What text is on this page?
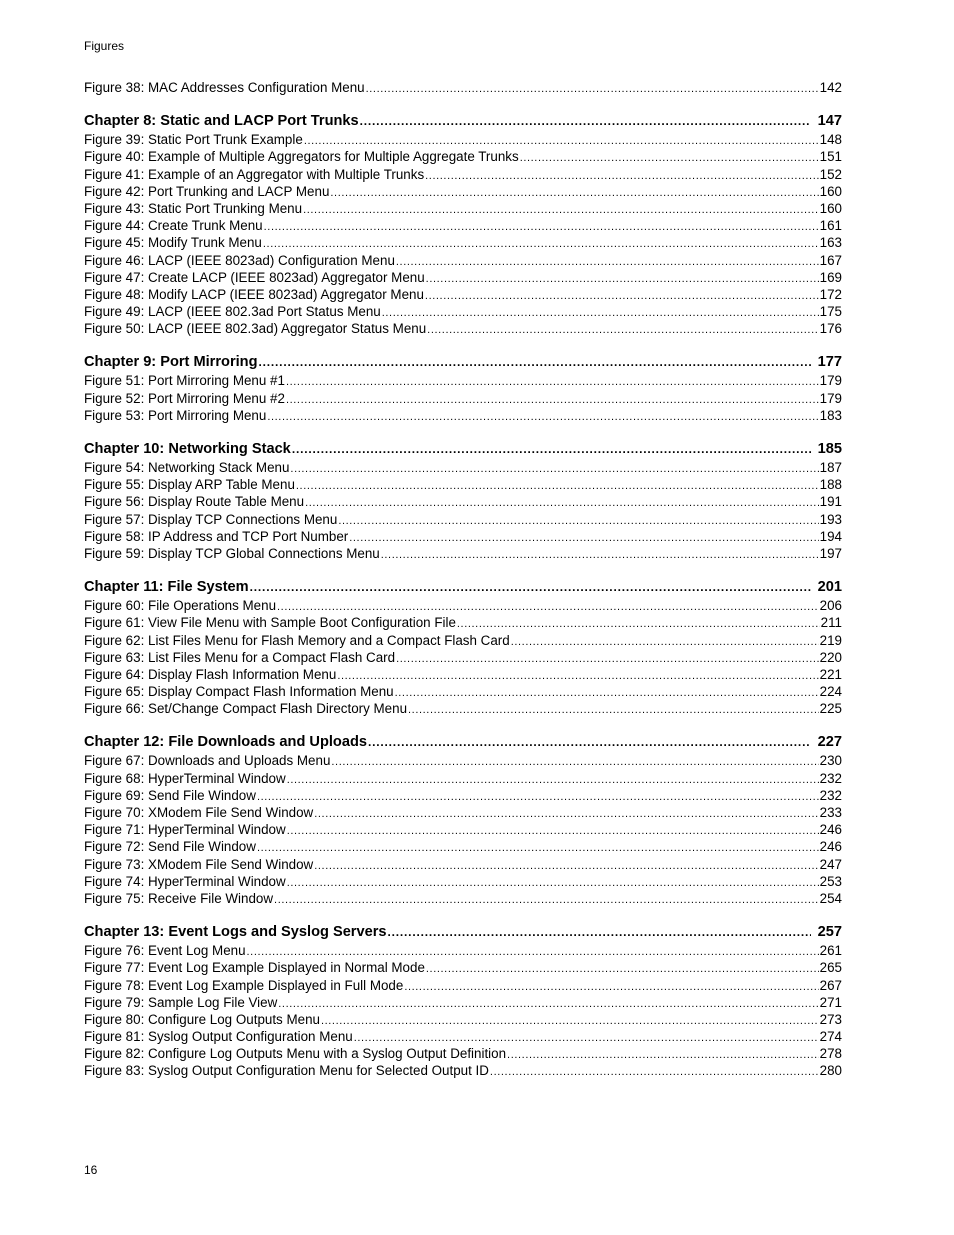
Figures
Figure 38: MAC Addresses Configuration Menu .....	142
Chapter 8: Static and LACP Port Trunks .....	147
Figure 39: Static Port Trunk Example .....	148
Figure 40: Example of Multiple Aggregators for Multiple Aggregate Trunks .....	151
Figure 41: Example of an Aggregator with Multiple Trunks .....	152
Figure 42: Port Trunking and LACP Menu .....	160
Figure 43: Static Port Trunking Menu .....	160
Figure 44: Create Trunk Menu .....	161
Figure 45: Modify Trunk Menu .....	163
Figure 46: LACP (IEEE 8023ad) Configuration Menu .....	167
Figure 47: Create LACP (IEEE 8023ad) Aggregator Menu .....	169
Figure 48: Modify LACP (IEEE 8023ad) Aggregator Menu .....	172
Figure 49: LACP (IEEE 802.3ad Port Status Menu .....	175
Figure 50: LACP (IEEE 802.3ad) Aggregator Status Menu .....	176
Chapter 9: Port Mirroring .....	177
Figure 51: Port Mirroring Menu #1 .....	179
Figure 52: Port Mirroring Menu #2 .....	179
Figure 53: Port Mirroring Menu .....	183
Chapter 10: Networking Stack .....	185
Figure 54: Networking Stack Menu .....	187
Figure 55: Display ARP Table Menu .....	188
Figure 56: Display Route Table Menu .....	191
Figure 57: Display TCP Connections Menu .....	193
Figure 58: IP Address and TCP Port Number .....	194
Figure 59: Display TCP Global Connections Menu .....	197
Chapter 11: File System .....	201
Figure 60: File Operations Menu .....	206
Figure 61: View File Menu with Sample Boot Configuration File .....	211
Figure 62: List Files Menu for Flash Memory and a Compact Flash Card .....	219
Figure 63: List Files Menu for a Compact Flash Card .....	220
Figure 64: Display Flash Information Menu .....	221
Figure 65: Display Compact Flash Information Menu .....	224
Figure 66: Set/Change Compact Flash Directory Menu .....	225
Chapter 12: File Downloads and Uploads .....	227
Figure 67: Downloads and Uploads Menu .....	230
Figure 68: HyperTerminal Window .....	232
Figure 69: Send File Window .....	232
Figure 70: XModem File Send Window .....	233
Figure 71: HyperTerminal Window .....	246
Figure 72: Send File Window .....	246
Figure 73: XModem File Send Window .....	247
Figure 74: HyperTerminal Window .....	253
Figure 75: Receive File Window .....	254
Chapter 13: Event Logs and Syslog Servers .....	257
Figure 76: Event Log Menu .....	261
Figure 77: Event Log Example Displayed in Normal Mode .....	265
Figure 78: Event Log Example Displayed in Full Mode .....	267
Figure 79: Sample Log File View .....	271
Figure 80: Configure Log Outputs Menu .....	273
Figure 81: Syslog Output Configuration Menu .....	274
Figure 82: Configure Log Outputs Menu with a Syslog Output Definition .....	278
Figure 83: Syslog Output Configuration Menu for Selected Output ID .....	280
16
